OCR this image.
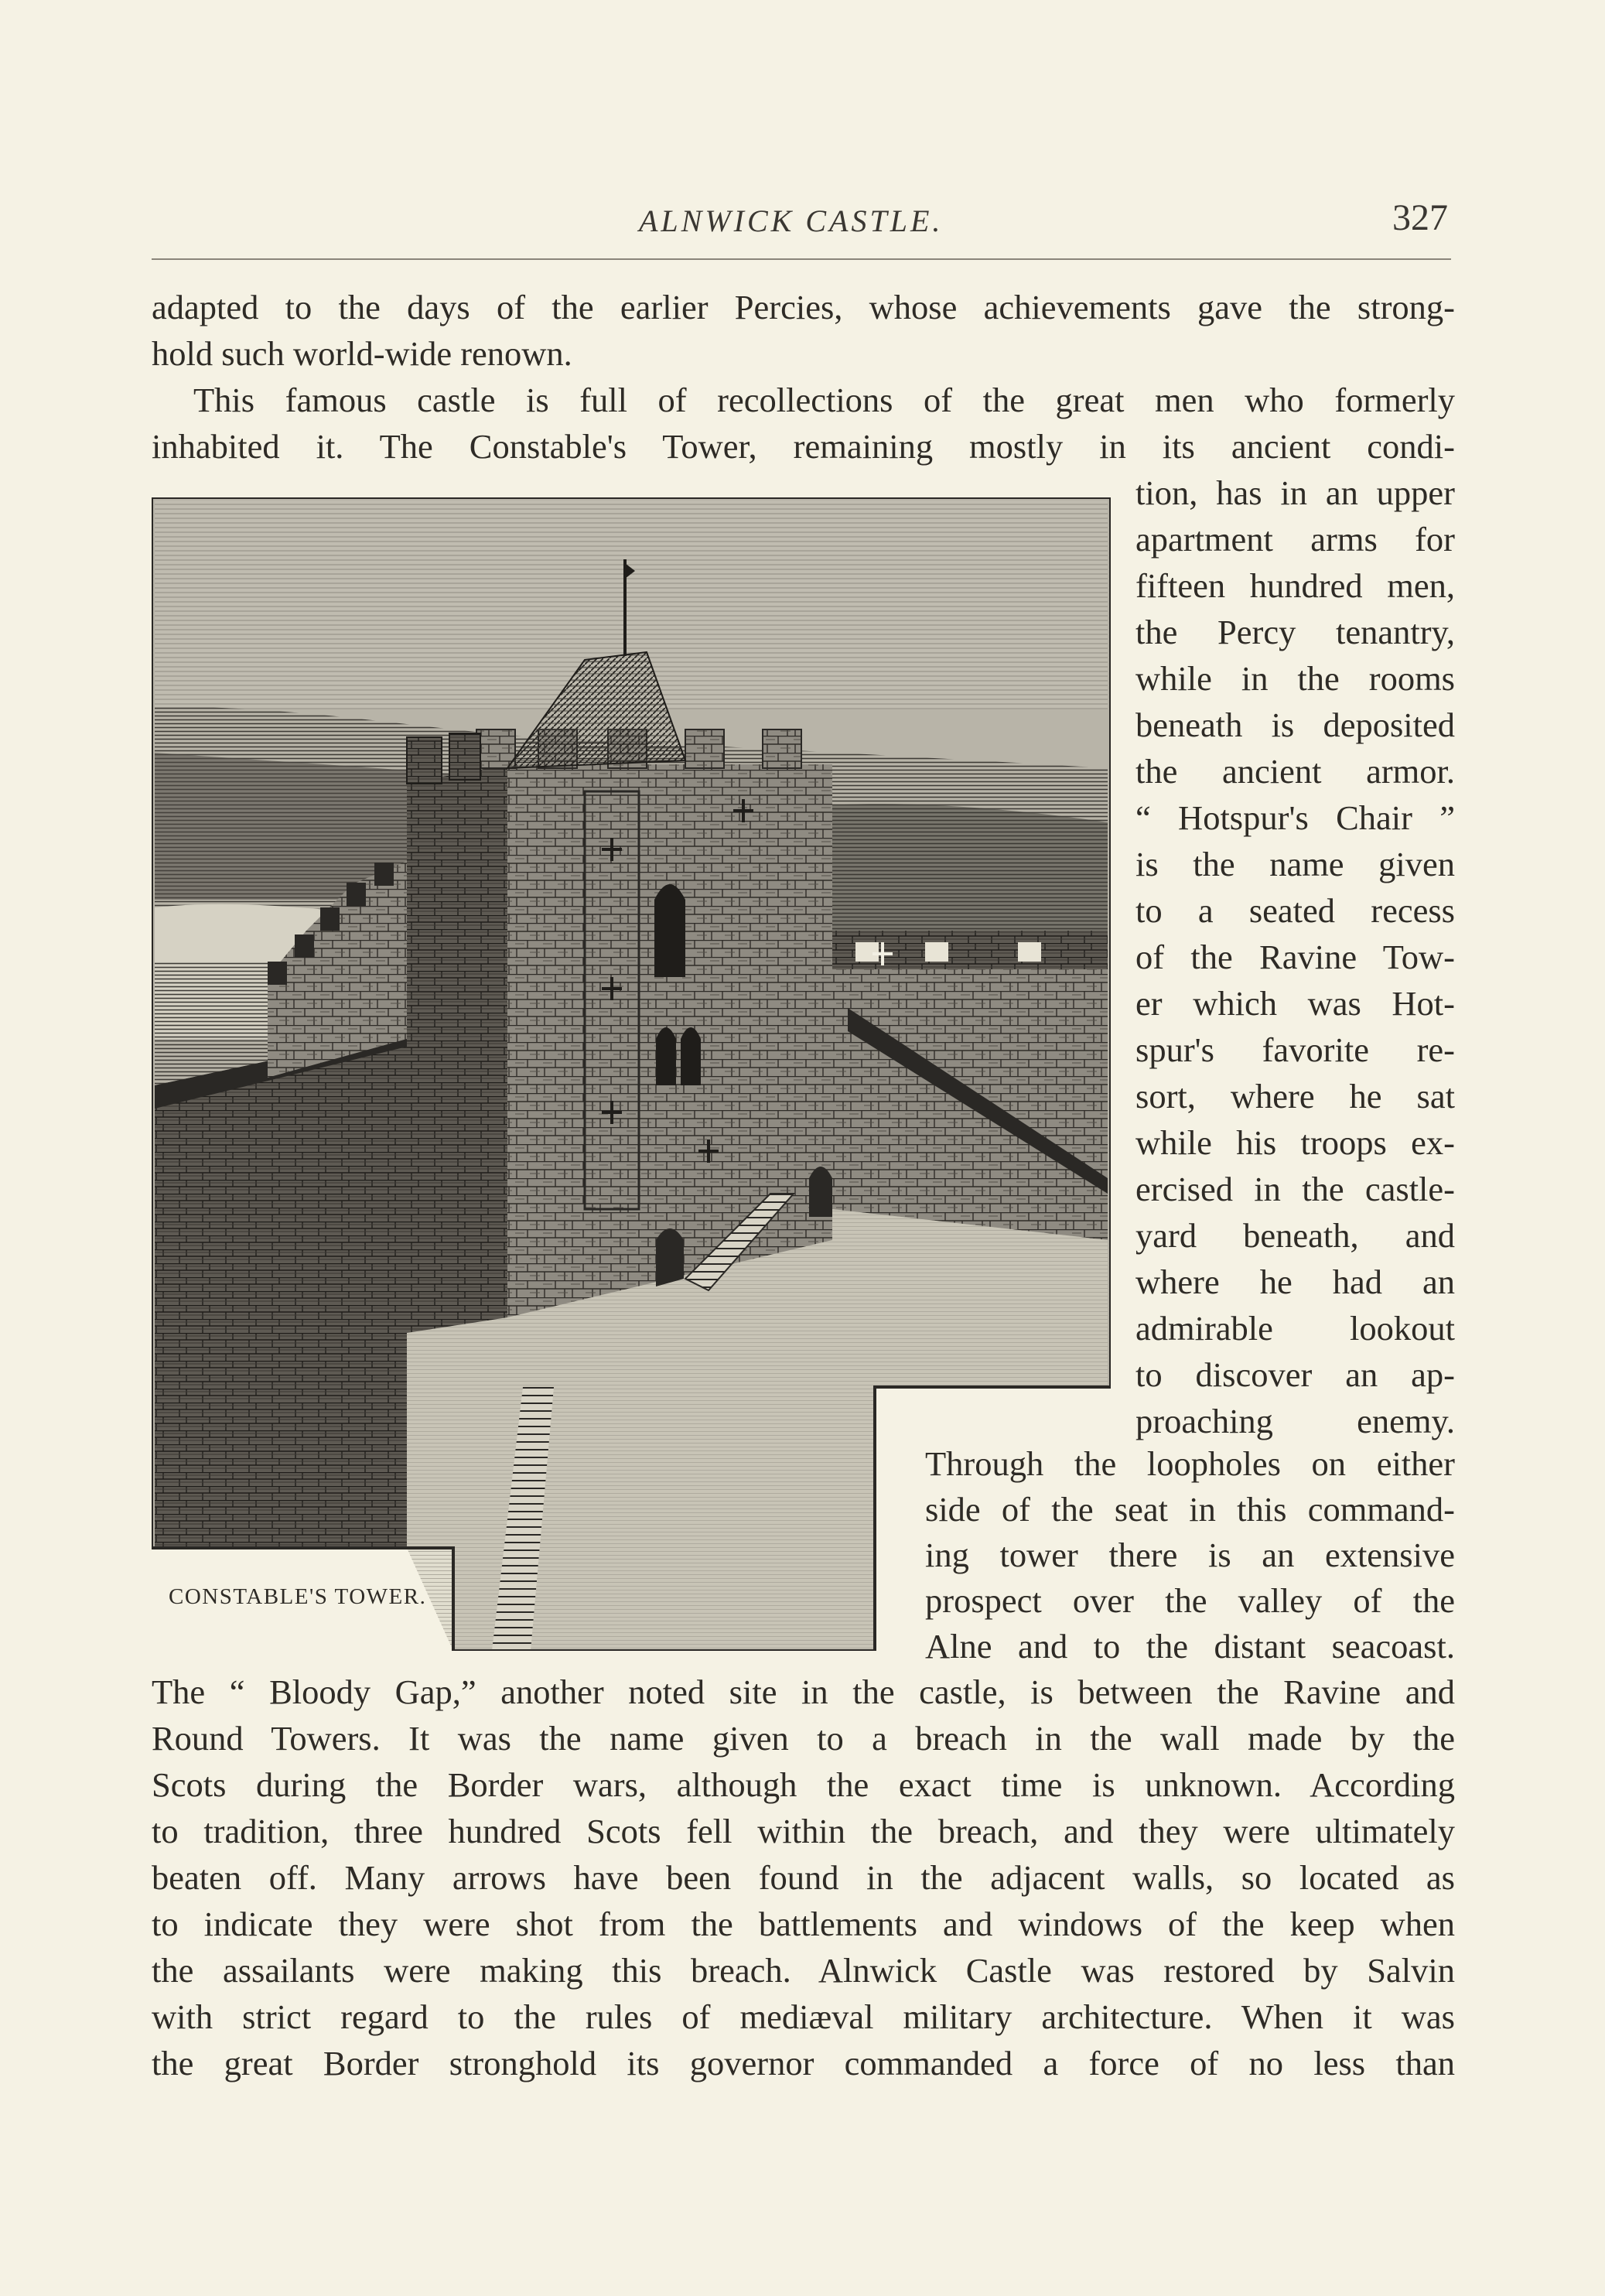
ALNWICK CASTLE.	327
adapted to the days of the earlier Percies, whose achievements gave the strong-
hold such world-wide renown.
This famous castle is full of recollections of the great men who formerly
inhabited it. The Constable's Tower, remaining mostly in its ancient condi-
tion, has in an upper
apartment arms for
fifteen hundred men,
the Percy tenantry,
while in the rooms
beneath is deposited
the ancient armor.
“ Hotspur's Chair ”
is the name given
to a seated recess
of the Ravine Tow-
er which was Hot-
spur's favorite re-
sort, where he sat
while his troops ex-
ercised in the castle-
yard beneath, and
where he had an
admirable lookout
to discover an ap-
proaching enemy.
Through the loopholes on either
side of the seat in this command-
ing tower there is an extensive
prospect over the valley of the
Alne and to the distant seacoast.
The “ Bloody Gap,” another noted site in the castle, is between the Ravine and
Round Towers. It was the name given to a breach in the wall made by the
Scots during the Border wars, although the exact time is unknown. According
to tradition, three hundred Scots fell within the breach, and they were ultimately
beaten off. Many arrows have been found in the adjacent walls, so located as
to indicate they were shot from the battlements and windows of the keep when
the assailants were making this breach. Alnwick Castle was restored by Salvin
with strict regard to the rules of mediæval military architecture. When it was
the great Border stronghold its governor commanded a force of no less than
CONSTABLE'S TOWER.
